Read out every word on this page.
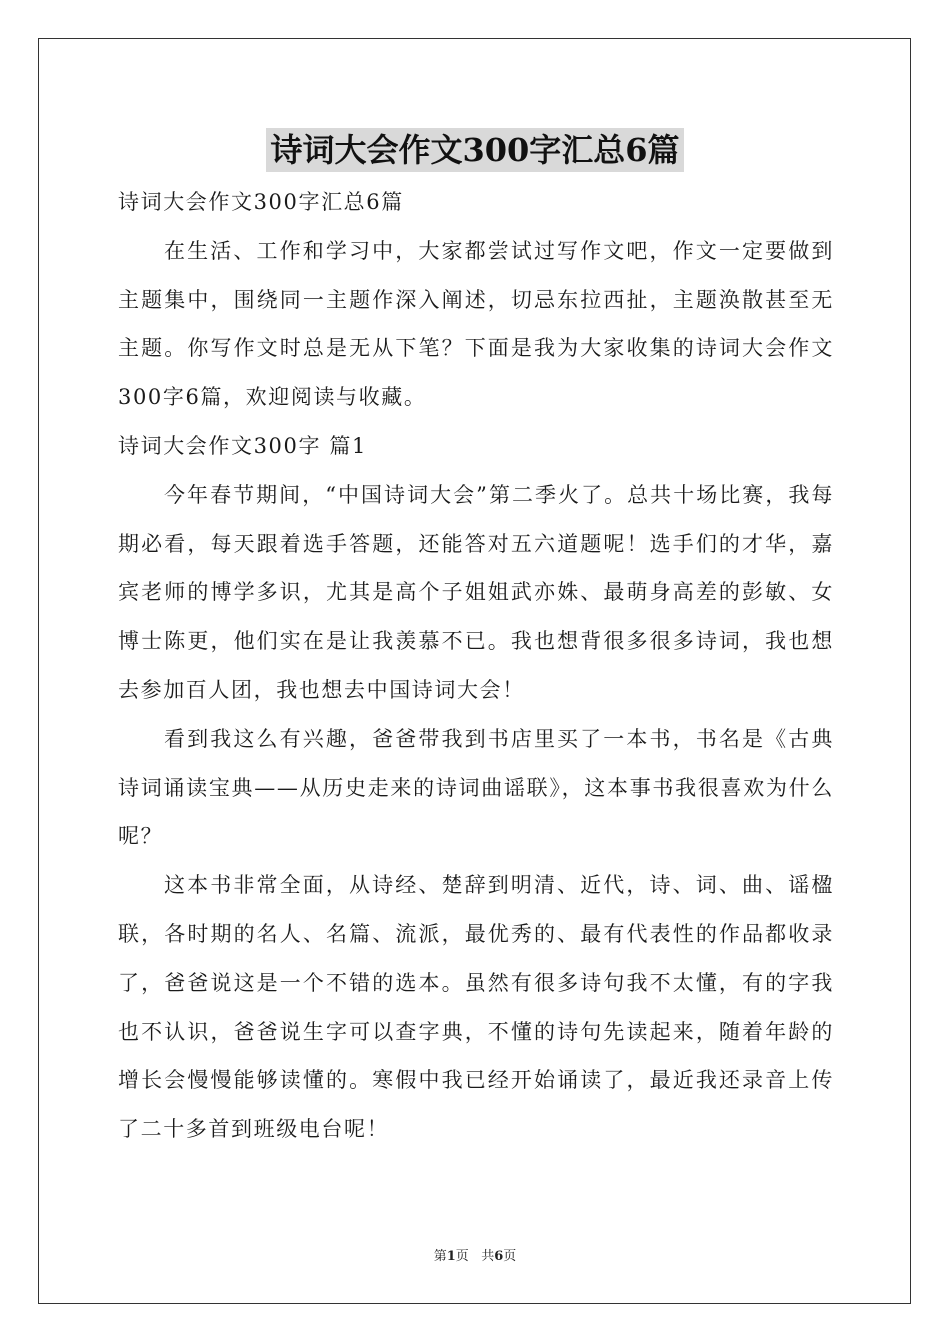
诗词大会作文300字汇总6篇

诗词大会作文300字汇总6篇

在生活、工作和学习中，大家都尝试过写作文吧，作文一定要做到主题集中，围绕同一主题作深入阐述，切忌东拉西扯，主题涣散甚至无主题。你写作文时总是无从下笔？下面是我为大家收集的诗词大会作文300字6篇，欢迎阅读与收藏。

诗词大会作文300字 篇1

今年春节期间，“中国诗词大会”第二季火了。总共十场比赛，我每期必看，每天跟着选手答题，还能答对五六道题呢！选手们的才华，嘉宾老师的博学多识，尤其是高个子姐姐武亦姝、最萌身高差的彭敏、女博士陈更，他们实在是让我羡慕不已。我也想背很多很多诗词，我也想去参加百人团，我也想去中国诗词大会！

看到我这么有兴趣，爸爸带我到书店里买了一本书，书名是《古典诗词诵读宝典——从历史走来的诗词曲谣联》，这本事书我很喜欢为什么呢？

这本书非常全面，从诗经、楚辞到明清、近代，诗、词、曲、谣楹联，各时期的名人、名篇、流派，最优秀的、最有代表性的作品都收录了，爸爸说这是一个不错的选本。虽然有很多诗句我不太懂，有的字我也不认识，爸爸说生字可以查字典，不懂的诗句先读起来，随着年龄的增长会慢慢能够读懂的。寒假中我已经开始诵读了，最近我还录音上传了二十多首到班级电台呢！

第1页   共6页
